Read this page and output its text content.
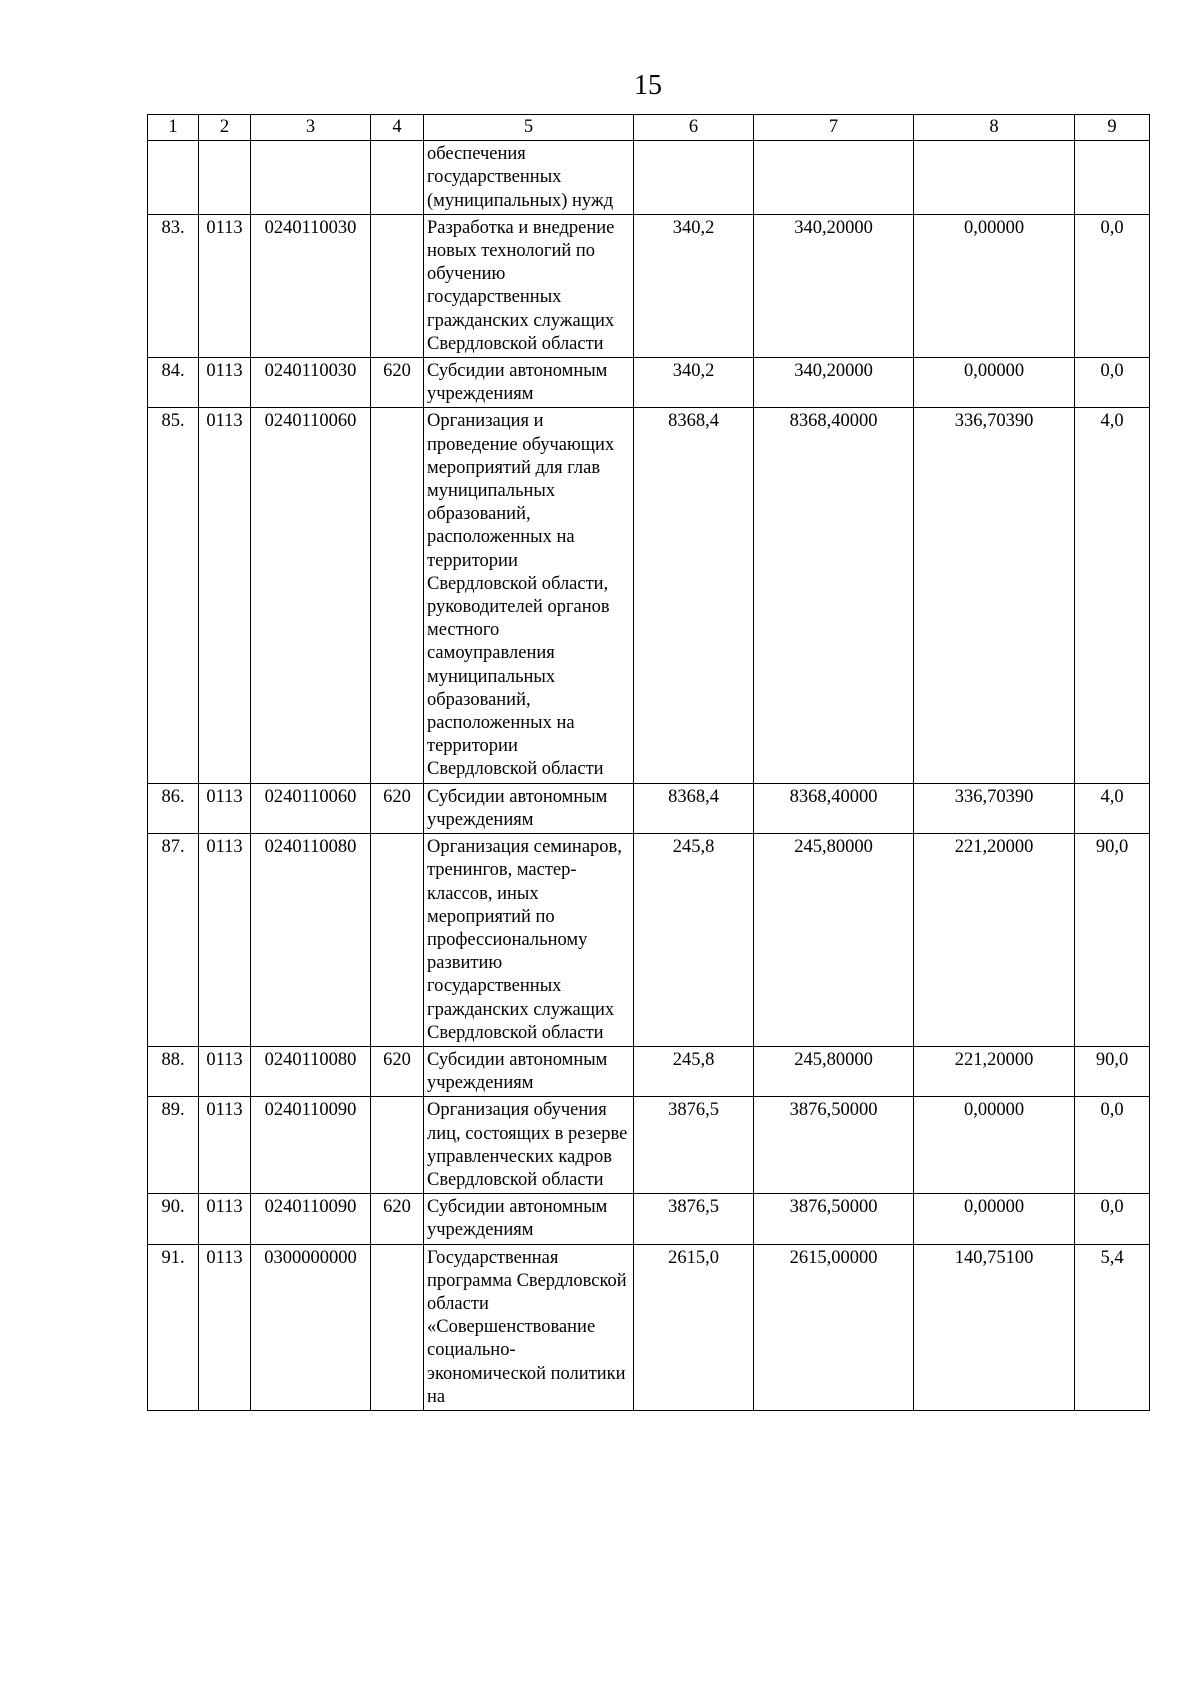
15
1	2	3	4	5	6	7	8	9
				обеспечения государственных (муниципальных) нужд				
83.	0113	0240110030		Разработка и внедрение новых технологий по обучению государственных гражданских служащих Свердловской области	340,2	340,20000	0,00000	0,0
84.	0113	0240110030	620	Субсидии автономным учреждениям	340,2	340,20000	0,00000	0,0
85.	0113	0240110060		Организация и проведение обучающих мероприятий для глав муниципальных образований, расположенных на территории Свердловской области, руководителей органов местного самоуправления муниципальных образований, расположенных на территории Свердловской области	8368,4	8368,40000	336,70390	4,0
86.	0113	0240110060	620	Субсидии автономным учреждениям	8368,4	8368,40000	336,70390	4,0
87.	0113	0240110080		Организация семинаров, тренингов, мастер-классов, иных мероприятий по профессиональному развитию государственных гражданских служащих Свердловской области	245,8	245,80000	221,20000	90,0
88.	0113	0240110080	620	Субсидии автономным учреждениям	245,8	245,80000	221,20000	90,0
89.	0113	0240110090		Организация обучения лиц, состоящих в резерве управленческих кадров Свердловской области	3876,5	3876,50000	0,00000	0,0
90.	0113	0240110090	620	Субсидии автономным учреждениям	3876,5	3876,50000	0,00000	0,0
91.	0113	0300000000		Государственная программа Свердловской области «Совершенствование социально-экономической политики на	2615,0	2615,00000	140,75100	5,4
